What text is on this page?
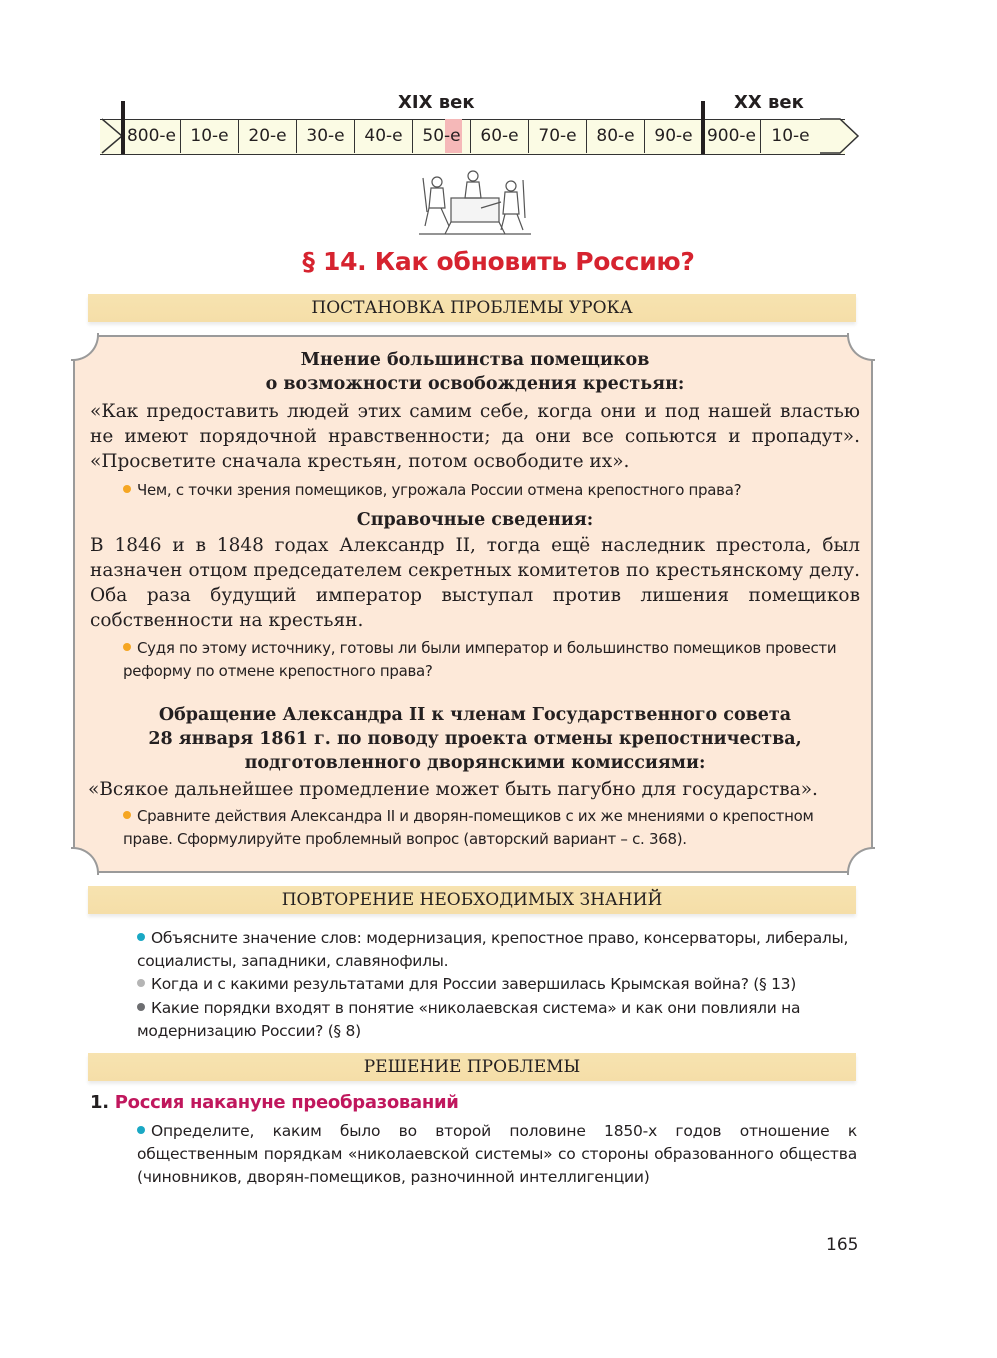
XIX век	XX век
800-е 10-е	20-е	30-е	40-е	50-е	60-е	70-е	80-е	90-е 900-е 10-е
§ 14. Как обновить Россию?
ПОСТАНОВКА ПРОБЛЕМЫ УРОКА
Мнение большинства помещиков
о возможности освобождения крестьян:
«Как предоставить людей этих самим себе, когда они и под нашей властью не имеют порядочной нравственности; да они все сопьются и пропадут». «Просветите сначала крестьян, потом освободите их».
Чем, с точки зрения помещиков, угрожала России отмена крепостного права?
Справочные сведения:
В 1846 и в 1848 годах Александр II, тогда ещё наследник престола, был назначен отцом председателем секретных комитетов по крестьянскому делу. Оба раза будущий император выступал против лишения помещиков собственности на крестьян.
Судя по этому источнику, готовы ли были император и большинство помещиков провести реформу по отмене крепостного права?
Обращение Александра II к членам Государственного совета
28 января 1861 г. по поводу проекта отмены крепостничества,
подготовленного дворянскими комиссиями:
«Всякое дальнейшее промедление может быть пагубно для государства».
Сравните действия Александра II и дворян-помещиков с их же мнениями о крепостном праве. Сформулируйте проблемный вопрос (авторский вариант – с. 368).
ПОВТОРЕНИЕ НЕОБХОДИМЫХ ЗНАНИЙ
Объясните значение слов: модернизация, крепостное право, консерваторы, либералы, социалисты, западники, славянофилы.
Когда и с какими результатами для России завершилась Крымская война? (§ 13)
Какие порядки входят в понятие «николаевская система» и как они повлияли на модернизацию России? (§ 8)
РЕШЕНИЕ ПРОБЛЕМЫ
1. Россия накануне преобразований
Определите, каким было во второй половине 1850-х годов отношение к общественным порядкам «николаевской системы» со стороны образованного общества (чиновников, дворян-помещиков, разночинной интеллигенции)
165
